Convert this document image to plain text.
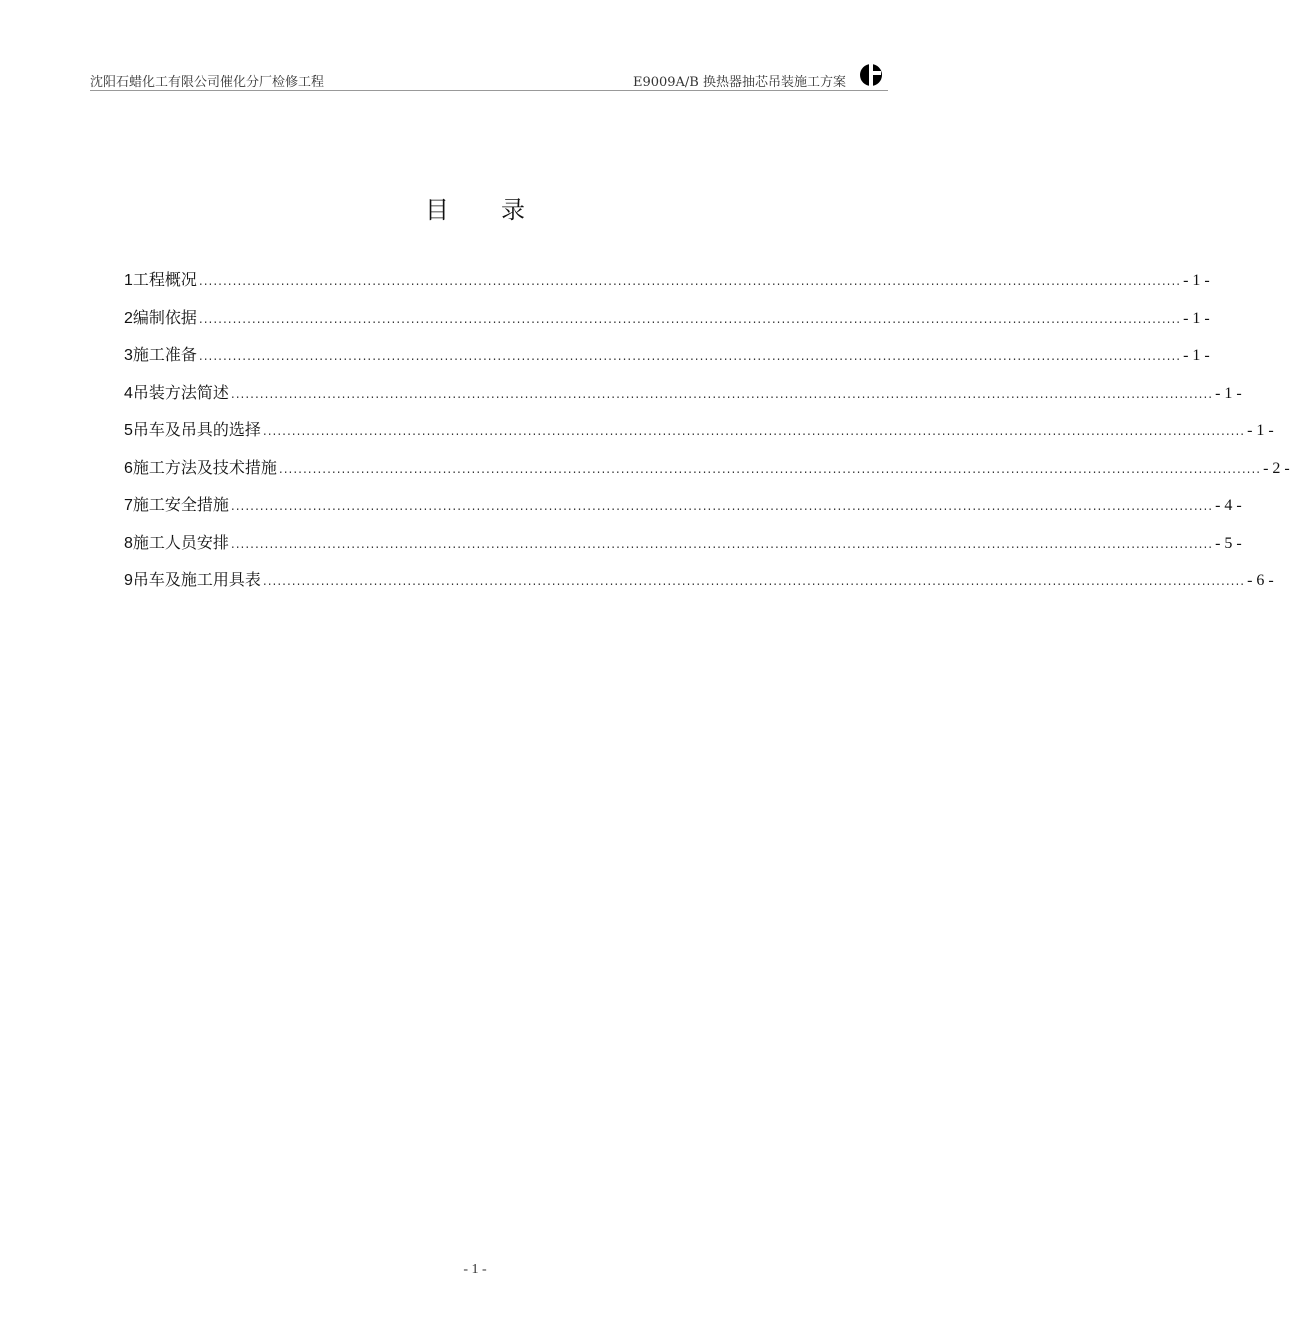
沈阳石蜡化工有限公司催化分厂检修工程	E9009A/B 换热器抽芯吊装施工方案
目 录
1 工程概况 ............................................................................................................................................................................................................ - 1 -
2 编制依据 ............................................................................................................................................................................................................ - 1 -
3 施工准备 ............................................................................................................................................................................................................ - 1 -
4 吊装方法简述 ............................................................................................................................................................................................................ - 1 -
5 吊车及吊具的选择 ............................................................................................................................................................................................................ - 1 -
6 施工方法及技术措施 ............................................................................................................................................................................................................ - 2 -
7 施工安全措施 ............................................................................................................................................................................................................ - 4 -
8 施工人员安排 ............................................................................................................................................................................................................ - 5 -
9 吊车及施工用具表 ............................................................................................................................................................................................................ - 6 -
- 1 -
